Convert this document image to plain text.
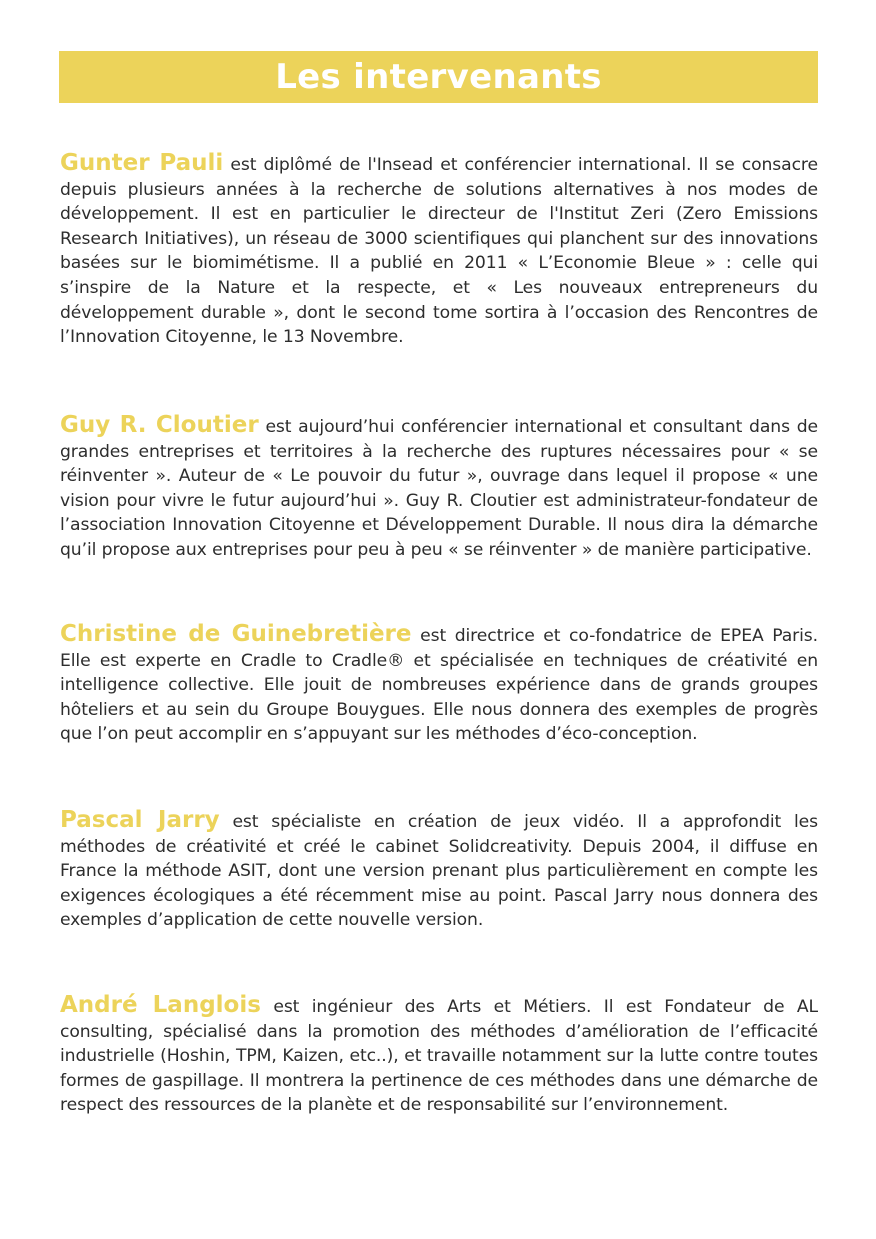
Les intervenants

Gunter Pauli est diplômé de l'Insead et conférencier international. Il se consacre depuis plusieurs années à la recherche de solutions alternatives à nos modes de développement. Il est en particulier le directeur de l'Institut Zeri (Zero Emissions Research Initiatives), un réseau de 3000 scientifiques qui planchent sur des innovations basées sur le biomimétisme. Il a publié en 2011 « L’Economie Bleue » : celle qui s’inspire de la Nature et la respecte, et « Les nouveaux entrepreneurs du développement durable », dont le second tome sortira à l’occasion des Rencontres de l’Innovation Citoyenne, le 13 Novembre.

Guy R. Cloutier est aujourd’hui conférencier international et consultant dans de grandes entreprises et territoires à la recherche des ruptures nécessaires pour « se réinventer ». Auteur de « Le pouvoir du futur », ouvrage dans lequel il propose « une vision pour vivre le futur aujourd’hui ». Guy R. Cloutier est administrateur-fondateur de l’association Innovation Citoyenne et Développement Durable. Il nous dira la démarche qu’il propose aux entreprises pour peu à peu « se réinventer » de manière participative.

Christine de Guinebretière est directrice et co-fondatrice de EPEA Paris. Elle est experte en Cradle to Cradle® et spécialisée en techniques de créativité en intelligence collective. Elle jouit de nombreuses expérience dans de grands groupes hôteliers et au sein du Groupe Bouygues. Elle nous donnera des exemples de progrès que l’on peut accomplir en s’appuyant sur les méthodes d’éco-conception.

Pascal Jarry est spécialiste en création de jeux vidéo. Il a approfondit les méthodes de créativité et créé le cabinet Solidcreativity. Depuis 2004, il diffuse en France la méthode ASIT, dont une version prenant plus particulièrement en compte les exigences écologiques a été récemment mise au point. Pascal Jarry nous donnera des exemples d’application de cette nouvelle version.

André Langlois est ingénieur des Arts et Métiers. Il est Fondateur de AL consulting, spécialisé dans la promotion des méthodes d’amélioration de l’efficacité industrielle (Hoshin, TPM, Kaizen, etc..), et travaille notamment sur la lutte contre toutes formes de gaspillage. Il montrera la pertinence de ces méthodes dans une démarche de respect des ressources de la planète et de responsabilité sur l’environnement.
